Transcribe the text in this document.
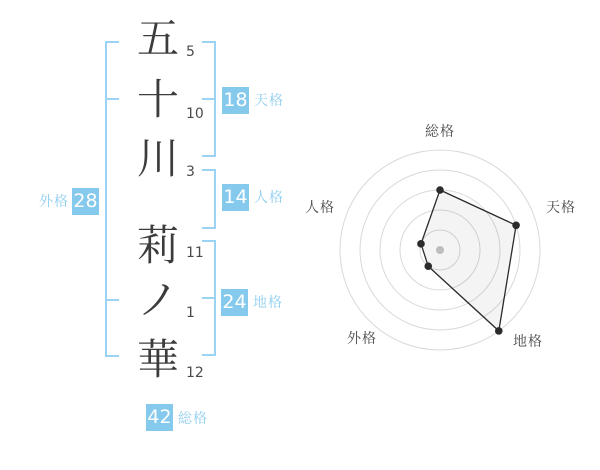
五
十
川
莉
ノ
華
5
10
3
11
1
12
18 天格
14 人格
24 地格
外格 28
42 総格
総格
天格
地格
外格
人格
